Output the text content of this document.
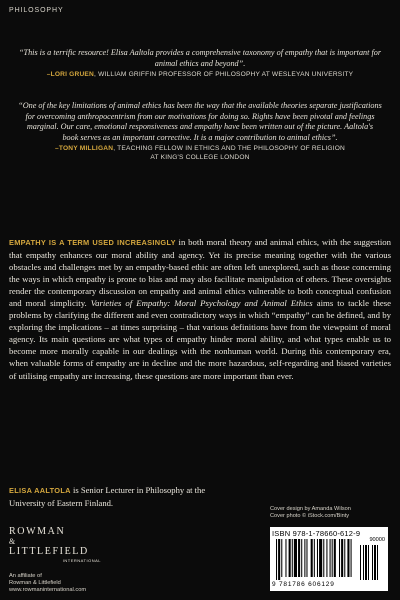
PHILOSOPHY

“This is a terrific resource! Elisa Aaltola provides a comprehensive taxonomy of empathy that is important for animal ethics and beyond”.

–LORI GRUEN, WILLIAM GRIFFIN PROFESSOR OF PHILOSOPHY AT WESLEYAN UNIVERSITY

“One of the key limitations of animal ethics has been the way that the available theories separate justifications for overcoming anthropocentrism from our motivations for doing so. Rights have been pivotal and feelings marginal. Our care, emotional responsiveness and empathy have been written out of the picture. Aaltola's book serves as an important corrective. It is a major contribution to animal ethics”.

–TONY MILLIGAN, TEACHING FELLOW IN ETHICS AND THE PHILOSOPHY OF RELIGION
AT KING'S COLLEGE LONDON

EMPATHY IS A TERM USED INCREASINGLY in both moral theory and animal ethics, with the suggestion that empathy enhances our moral ability and agency. Yet its precise meaning together with the various obstacles and challenges met by an empathy-based ethic are often left unexplored, such as those concerning the ways in which empathy is prone to bias and may also facilitate manipulation of others. These oversights render the contemporary discussion on empathy and animal ethics vulnerable to both conceptual confusion and moral simplicity. Varieties of Empathy: Moral Psychology and Animal Ethics aims to tackle these problems by clarifying the different and even contradictory ways in which “empathy” can be defined, and by exploring the implications – at times surprising – that various definitions have from the viewpoint of moral agency. Its main questions are what types of empathy hinder moral ability, and what types enable us to become more morally capable in our dealings with the nonhuman world. During this contemporary era, when valuable forms of empathy are in decline and the more hazardous, self-regarding and biased varieties of utilising empathy are increasing, these questions are more important than ever.

ELISA AALTOLA is Senior Lecturer in Philosophy at the University of Eastern Finland.

ROWMAN
&
LITTLEFIELD
INTERNATIONAL
An affiliate of
Rowman & Littlefield
www.rowmaninternational.com
Cover design by Amanda Wilson
Cover photo © iStock.com/Binty
ISBN 978-1-78660-612-9
90000
9 781786 606129
